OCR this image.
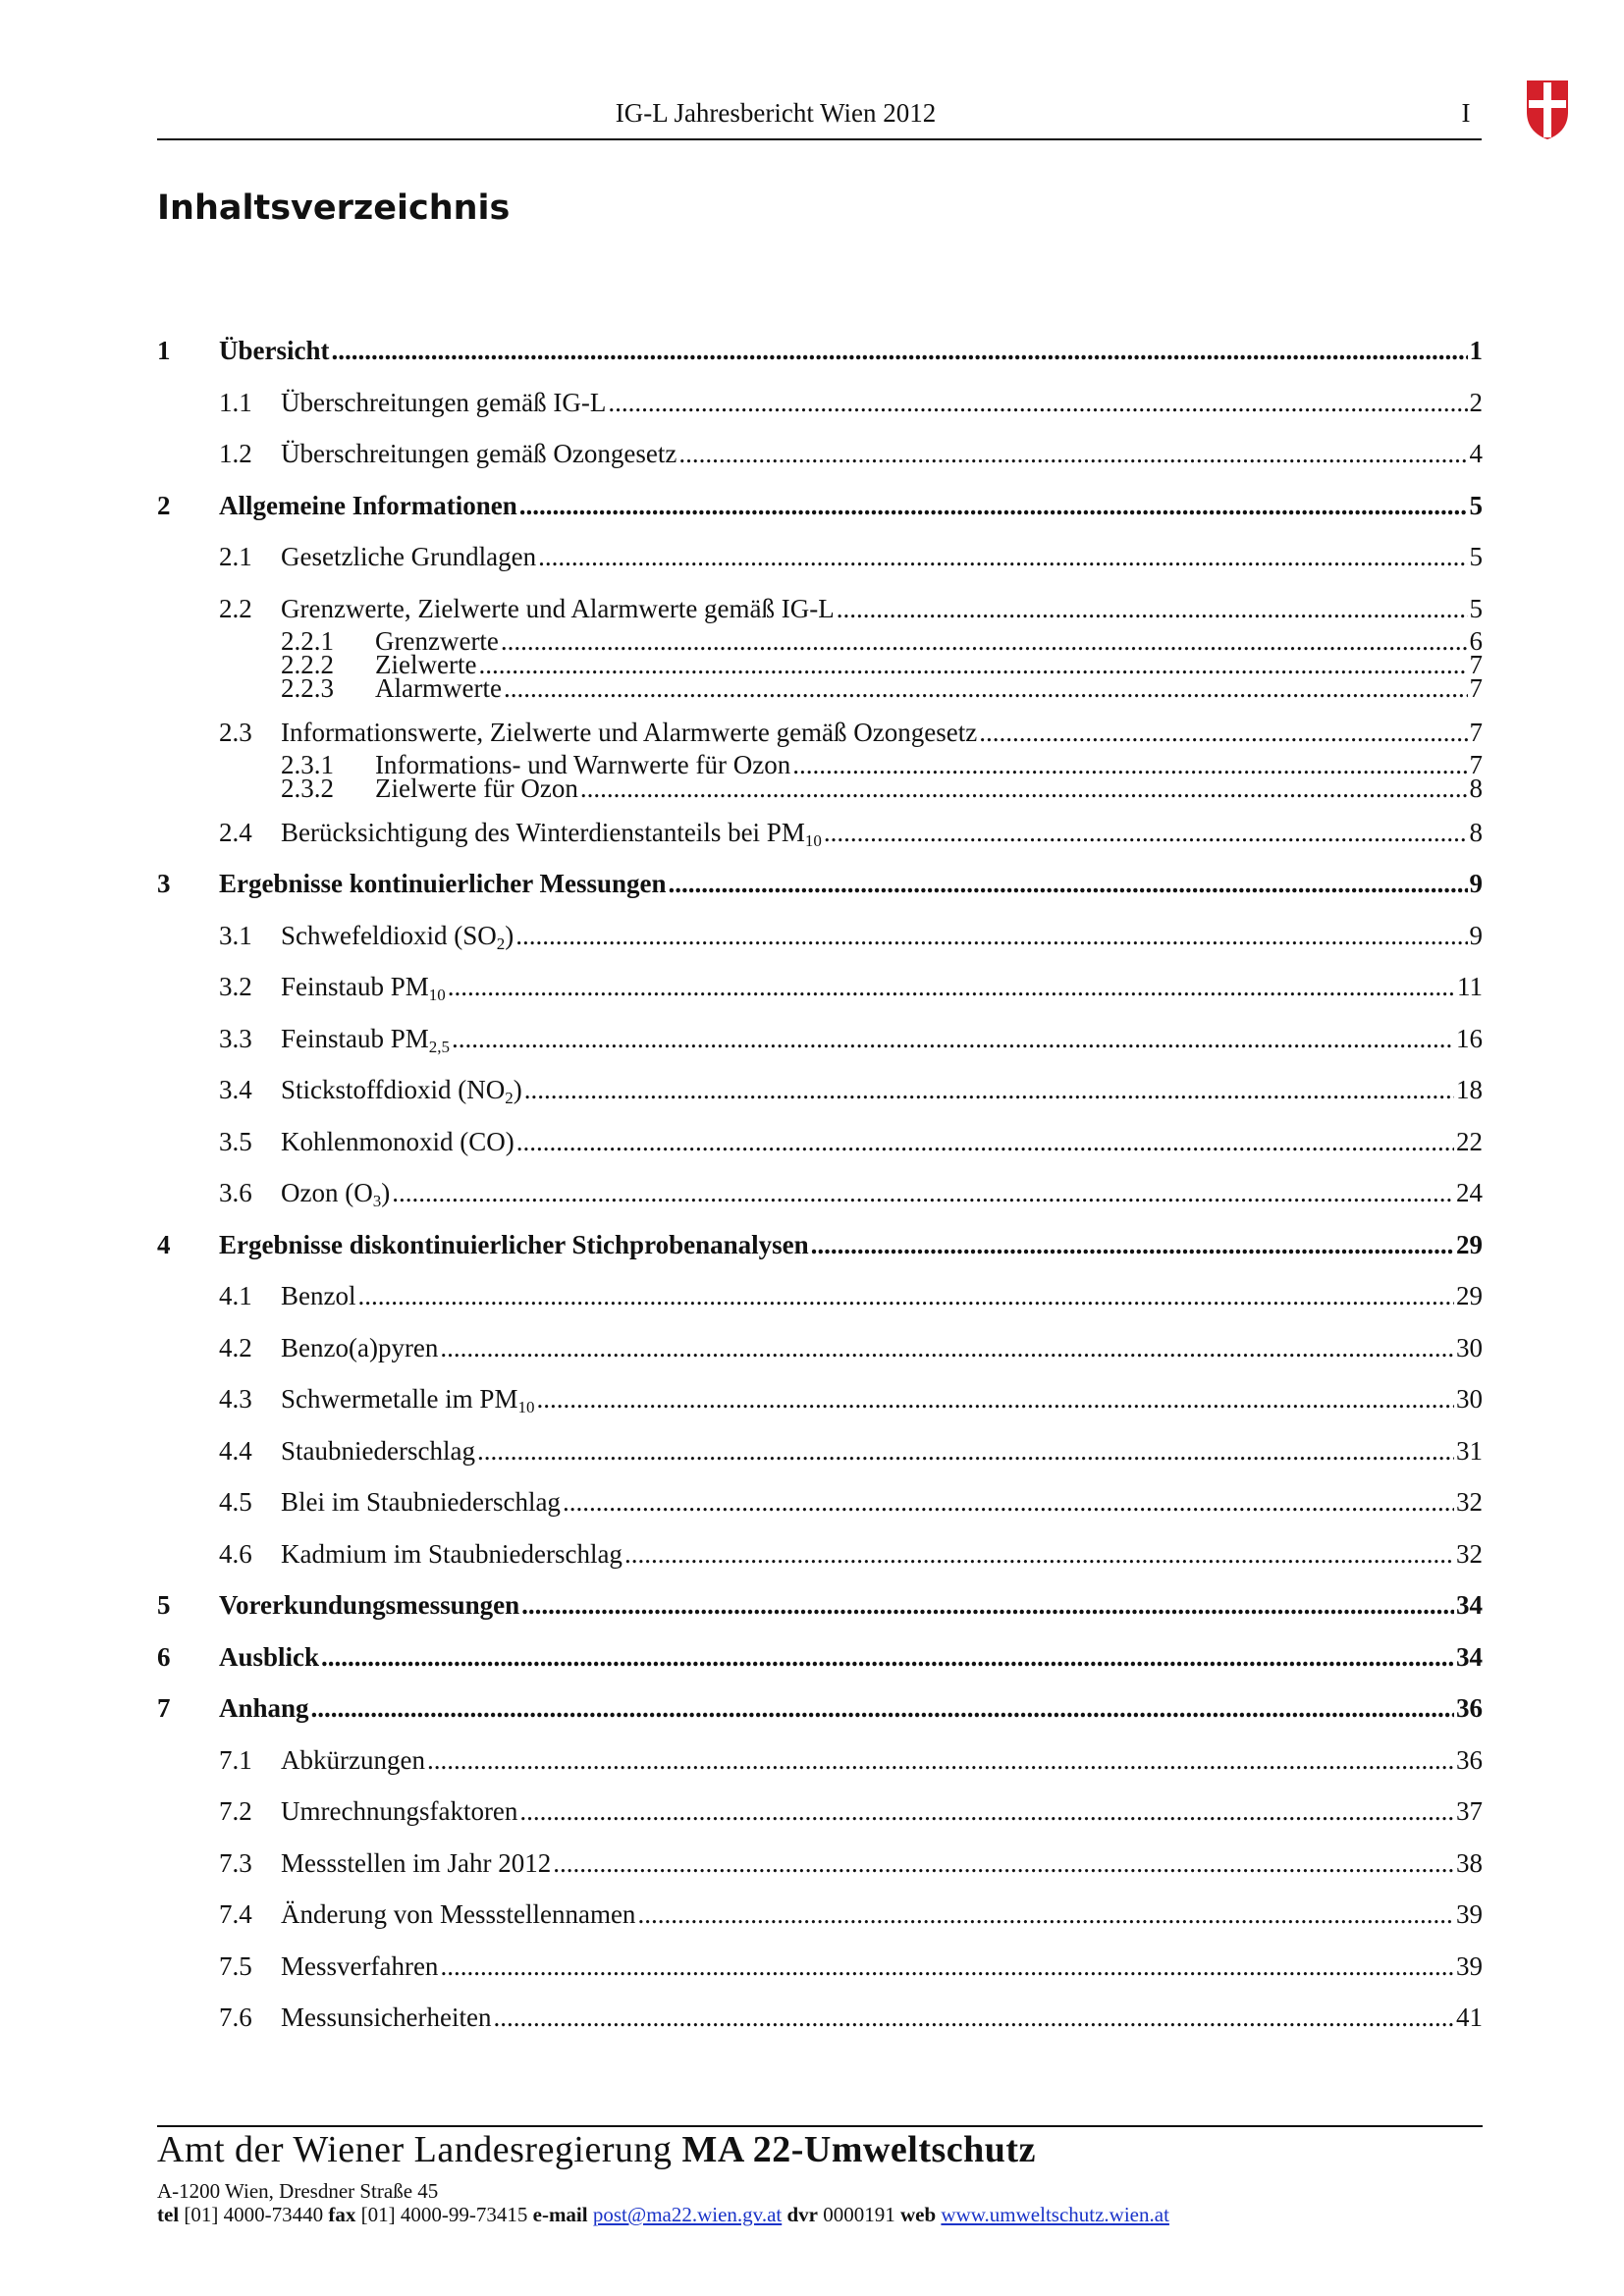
IG-L Jahresbericht Wien 2012	I
Inhaltsverzeichnis
1	Übersicht .....	1
1.1	Überschreitungen gemäß IG-L .....	2
1.2	Überschreitungen gemäß Ozongesetz .....	4
2	Allgemeine Informationen .....	5
2.1	Gesetzliche Grundlagen .....	5
2.2	Grenzwerte, Zielwerte und Alarmwerte gemäß IG-L .....	5
2.2.1	Grenzwerte .....	6
2.2.2	Zielwerte .....	7
2.2.3	Alarmwerte .....	7
2.3	Informationswerte, Zielwerte und Alarmwerte gemäß Ozongesetz .....	7
2.3.1	Informations- und Warnwerte für Ozon .....	7
2.3.2	Zielwerte für Ozon .....	8
2.4	Berücksichtigung des Winterdienstanteils bei $PM_{10}$ .....	8
3	Ergebnisse kontinuierlicher Messungen .....	9
3.1	Schwefeldioxid $(SO_2)$ .....	9
3.2	Feinstaub $PM_{10}$ .....	11
3.3	Feinstaub $PM_{2,5}$ .....	16
3.4	Stickstoffdioxid $(NO_2)$ .....	18
3.5	Kohlenmonoxid (CO) .....	22
3.6	Ozon $(O_3)$ .....	24
4	Ergebnisse diskontinuierlicher Stichprobenanalysen .....	29
4.1	Benzol .....	29
4.2	Benzo(a)pyren .....	30
4.3	Schwermetalle im $PM_{10}$ .....	30
4.4	Staubniederschlag .....	31
4.5	Blei im Staubniederschlag .....	32
4.6	Kadmium im Staubniederschlag .....	32
5	Vorerkundungsmessungen .....	34
6	Ausblick .....	34
7	Anhang .....	36
7.1	Abkürzungen .....	36
7.2	Umrechnungsfaktoren .....	37
7.3	Messstellen im Jahr 2012 .....	38
7.4	Änderung von Messstellennamen .....	39
7.5	Messverfahren .....	39
7.6	Messunsicherheiten .....	41
Amt der Wiener Landesregierung MA 22-Umweltschutz
A-1200 Wien, Dresdner Straße 45
tel [01] 4000-73440 fax [01] 4000-99-73415 e-mail post@ma22.wien.gv.at dvr 0000191 web www.umweltschutz.wien.at
